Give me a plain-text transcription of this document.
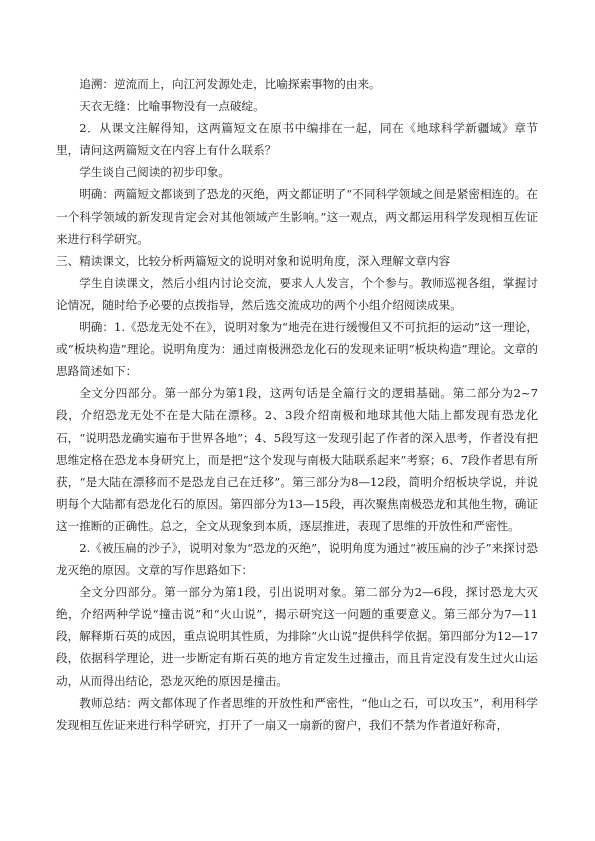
追溯：逆流而上，向江河发源处走，比喻探索事物的由来。

天衣无缝：比喻事物没有一点破绽。

2．从课文注解得知，这两篇短文在原书中编排在一起，同在《地球科学新疆域》章节里，请问这两篇短文在内容上有什么联系？

学生谈自己阅读的初步印象。

明确：两篇短文都谈到了恐龙的灭绝，两文都证明了“不同科学领域之间是紧密相连的。在一个科学领域的新发现肯定会对其他领域产生影响。”这一观点，两文都运用科学发现相互佐证来进行科学研究。

三、精读课文，比较分析两篇短文的说明对象和说明角度，深入理解文章内容

学生自读课文，然后小组内讨论交流，要求人人发言，个个参与。教师巡视各组，掌握讨论情况，随时给予必要的点拨指导，然后选交流成功的两个小组介绍阅读成果。

明确：1.《恐龙无处不在》，说明对象为“地壳在进行缓慢但又不可抗拒的运动”这一理论，或“板块构造”理论。说明角度为：通过南极洲恐龙化石的发现来证明“板块构造”理论。文章的思路简述如下：

全文分四部分。第一部分为第1段，这两句话是全篇行文的逻辑基础。第二部分为2~7段，介绍恐龙无处不在是大陆在漂移。2、3段介绍南极和地球其他大陆上都发现有恐龙化石，“说明恐龙确实遍布于世界各地”；4、5段写这一发现引起了作者的深入思考，作者没有把思维定格在恐龙本身研究上，而是把“这个发现与南极大陆联系起来”考察；6、7段作者思有所获，“是大陆在漂移而不是恐龙自己在迁移”。第三部分为8—12段，简明介绍板块学说，并说明每个大陆都有恐龙化石的原因。第四部分为13—15段，再次聚焦南极恐龙和其他生物，确证这一推断的正确性。总之，全文从现象到本质，逐层推进，表现了思维的开放性和严密性。

2.《被压扁的沙子》，说明对象为“恐龙的灭绝”，说明角度为通过“被压扁的沙子”来探讨恐龙灭绝的原因。文章的写作思路如下：

全文分四部分。第一部分为第1段，引出说明对象。第二部分为2—6段，探讨恐龙大灭绝，介绍两种学说“撞击说”和“火山说”，揭示研究这一问题的重要意义。第三部分为7—11段，解释斯石英的成因，重点说明其性质，为排除“火山说”提供科学依据。第四部分为12—17段，依据科学理论，进一步断定有斯石英的地方肯定发生过撞击，而且肯定没有发生过火山运动，从而得出结论，恐龙灭绝的原因是撞击。

教师总结：两文都体现了作者思维的开放性和严密性，“他山之石，可以攻玉”，利用科学发现相互佐证来进行科学研究，打开了一扇又一扇新的窗户，我们不禁为作者道好称奇，
